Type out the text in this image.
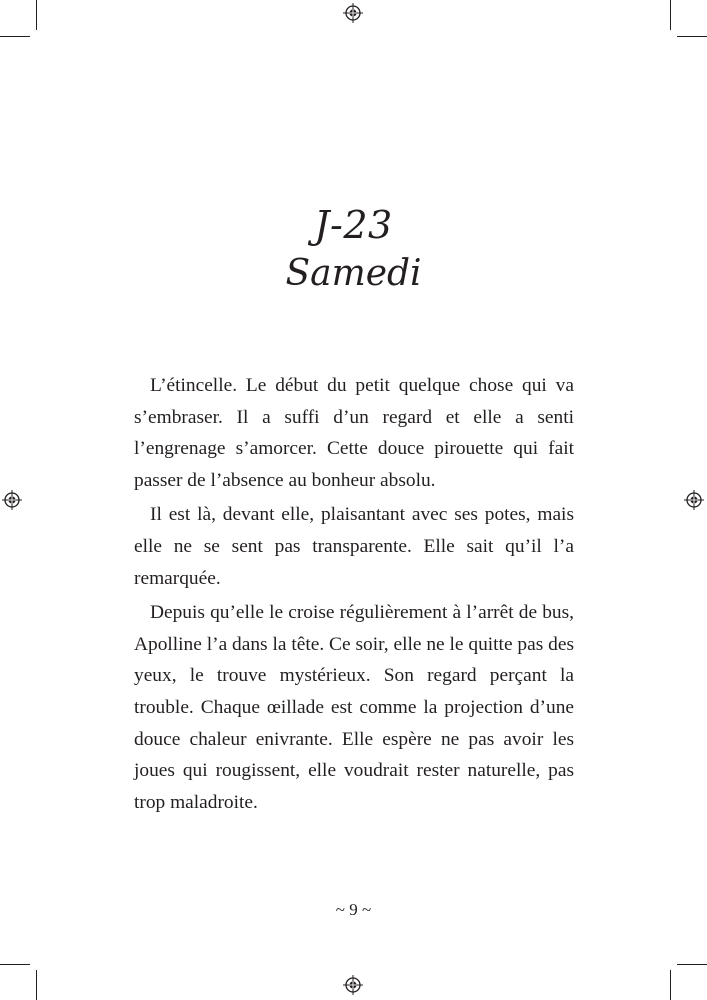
J-23
Samedi

L’étincelle. Le début du petit quelque chose qui va s’embraser. Il a suffi d’un regard et elle a senti l’engrenage s’amorcer. Cette douce pirouette qui fait passer de l’absence au bonheur absolu.

Il est là, devant elle, plaisantant avec ses potes, mais elle ne se sent pas transparente. Elle sait qu’il l’a remarquée.

Depuis qu’elle le croise régulièrement à l’arrêt de bus, Apolline l’a dans la tête. Ce soir, elle ne le quitte pas des yeux, le trouve mystérieux. Son regard perçant la trouble. Chaque œillade est comme la projection d’une douce chaleur enivrante. Elle espère ne pas avoir les joues qui rougissent, elle voudrait rester naturelle, pas trop maladroite.

~ 9 ~
